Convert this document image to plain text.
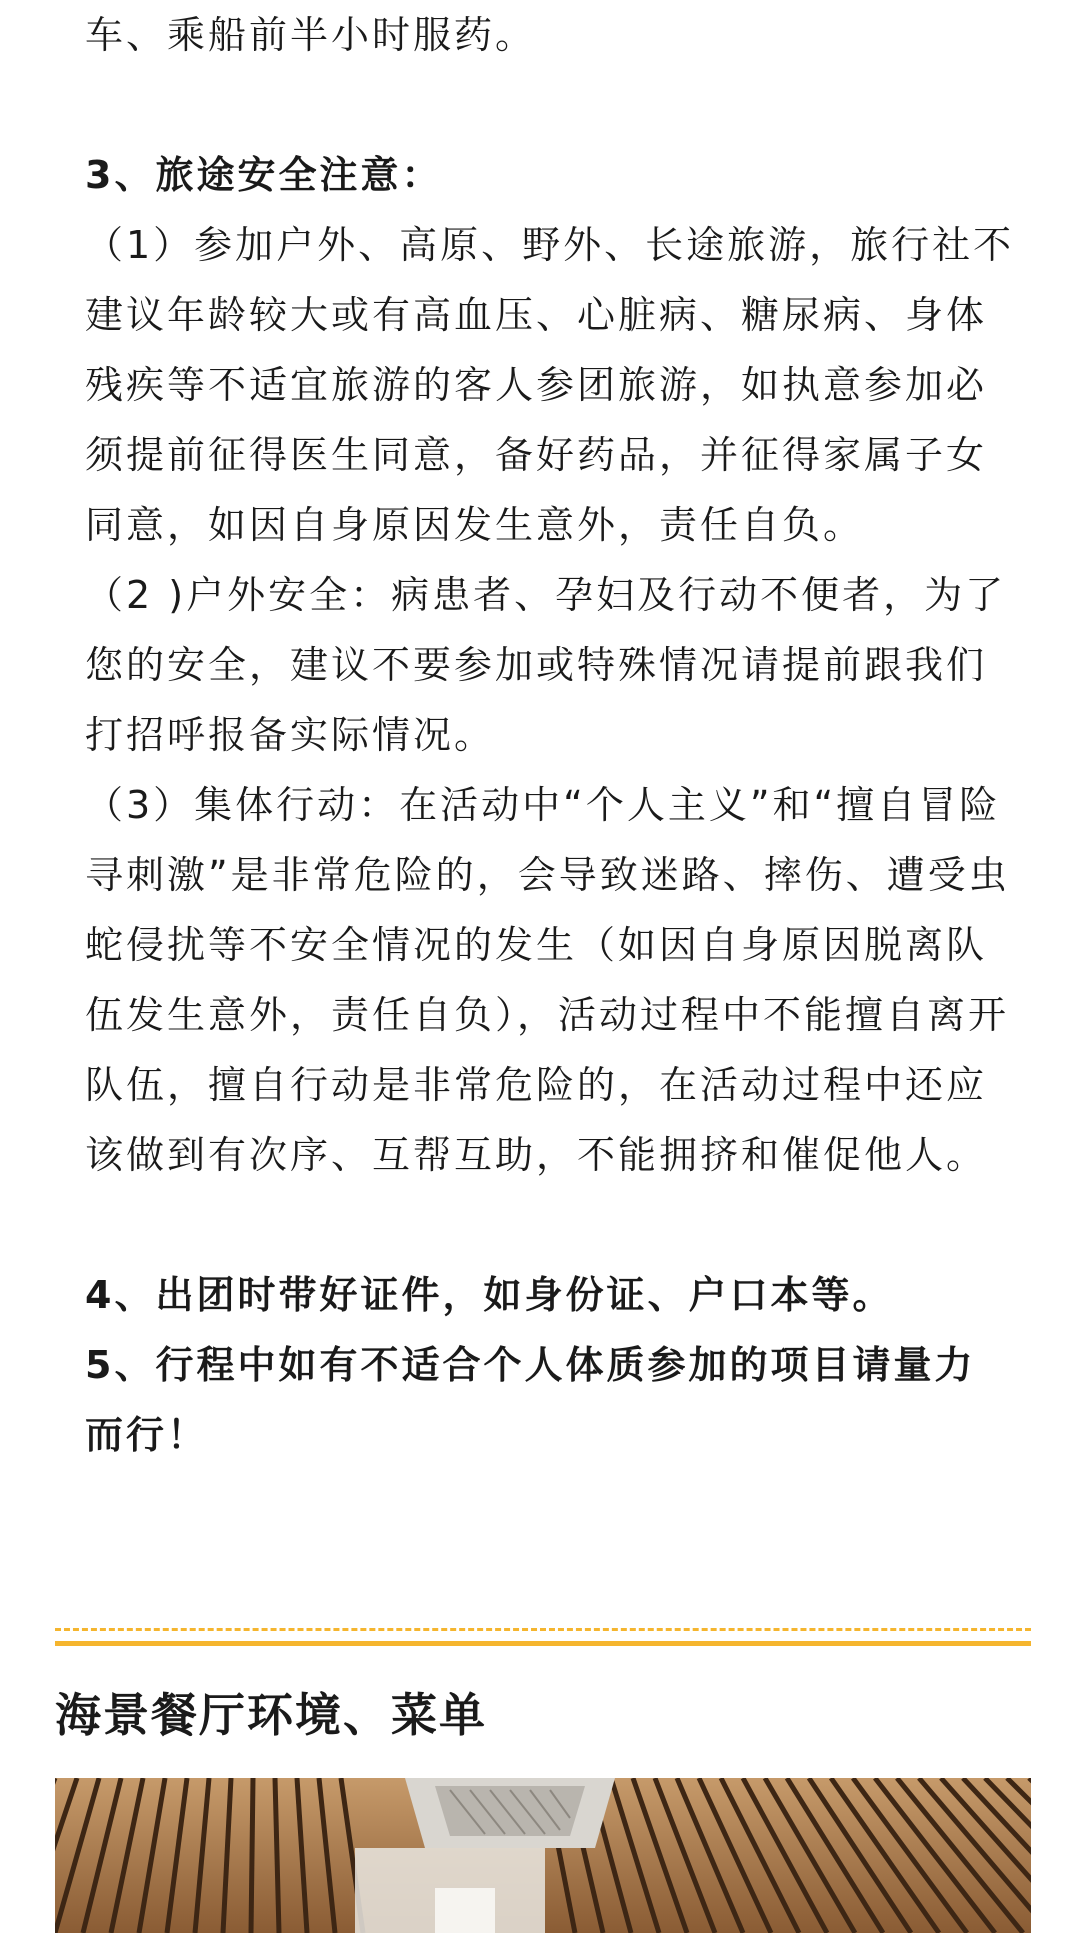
车、乘船前半小时服药。

3、旅途安全注意：

（1）参加户外、高原、野外、长途旅游，旅行社不建议年龄较大或有高血压、心脏病、糖尿病、身体残疾等不适宜旅游的客人参团旅游，如执意参加必须提前征得医生同意，备好药品，并征得家属子女同意，如因自身原因发生意外，责任自负。

（2 )户外安全：病患者、孕妇及行动不便者，为了您的安全，建议不要参加或特殊情况请提前跟我们打招呼报备实际情况。

（3）集体行动：在活动中“个人主义”和“擅自冒险寻刺激”是非常危险的，会导致迷路、摔伤、遭受虫蛇侵扰等不安全情况的发生（如因自身原因脱离队伍发生意外，责任自负），活动过程中不能擅自离开队伍，擅自行动是非常危险的，在活动过程中还应该做到有次序、互帮互助，不能拥挤和催促他人。

4、出团时带好证件，如身份证、户口本等。

5、行程中如有不适合个人体质参加的项目请量力而行！

海景餐厅环境、菜单
